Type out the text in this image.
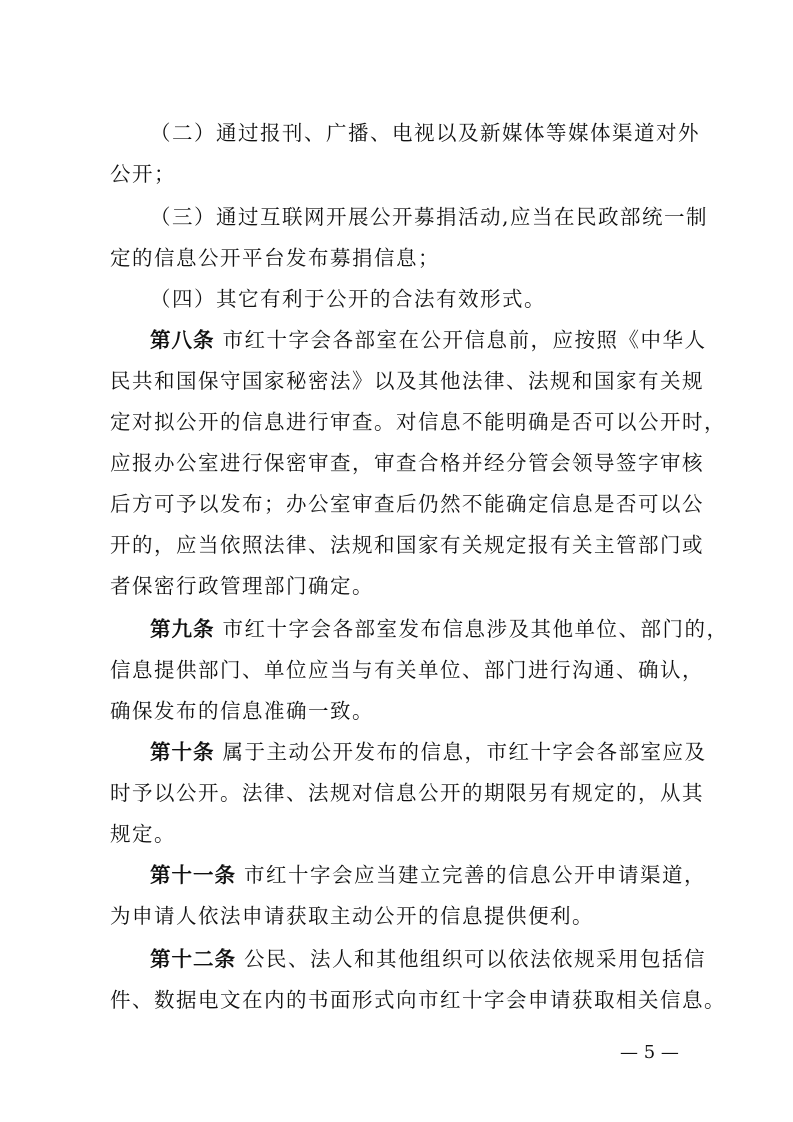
（二）通过报刊、广播、电视以及新媒体等媒体渠道对外
公开；
（三）通过互联网开展公开募捐活动,应当在民政部统一制
定的信息公开平台发布募捐信息；
（四）其它有利于公开的合法有效形式。
第八条 市红十字会各部室在公开信息前，应按照《中华人
民共和国保守国家秘密法》以及其他法律、法规和国家有关规
定对拟公开的信息进行审查。对信息不能明确是否可以公开时，
应报办公室进行保密审查，审查合格并经分管会领导签字审核
后方可予以发布；办公室审查后仍然不能确定信息是否可以公
开的，应当依照法律、法规和国家有关规定报有关主管部门或
者保密行政管理部门确定。
第九条 市红十字会各部室发布信息涉及其他单位、部门的，
信息提供部门、单位应当与有关单位、部门进行沟通、确认，
确保发布的信息准确一致。
第十条 属于主动公开发布的信息，市红十字会各部室应及
时予以公开。法律、法规对信息公开的期限另有规定的，从其
规定。
第十一条 市红十字会应当建立完善的信息公开申请渠道，
为申请人依法申请获取主动公开的信息提供便利。
第十二条 公民、法人和其他组织可以依法依规采用包括信
件、数据电文在内的书面形式向市红十字会申请获取相关信息。
— 5 —
